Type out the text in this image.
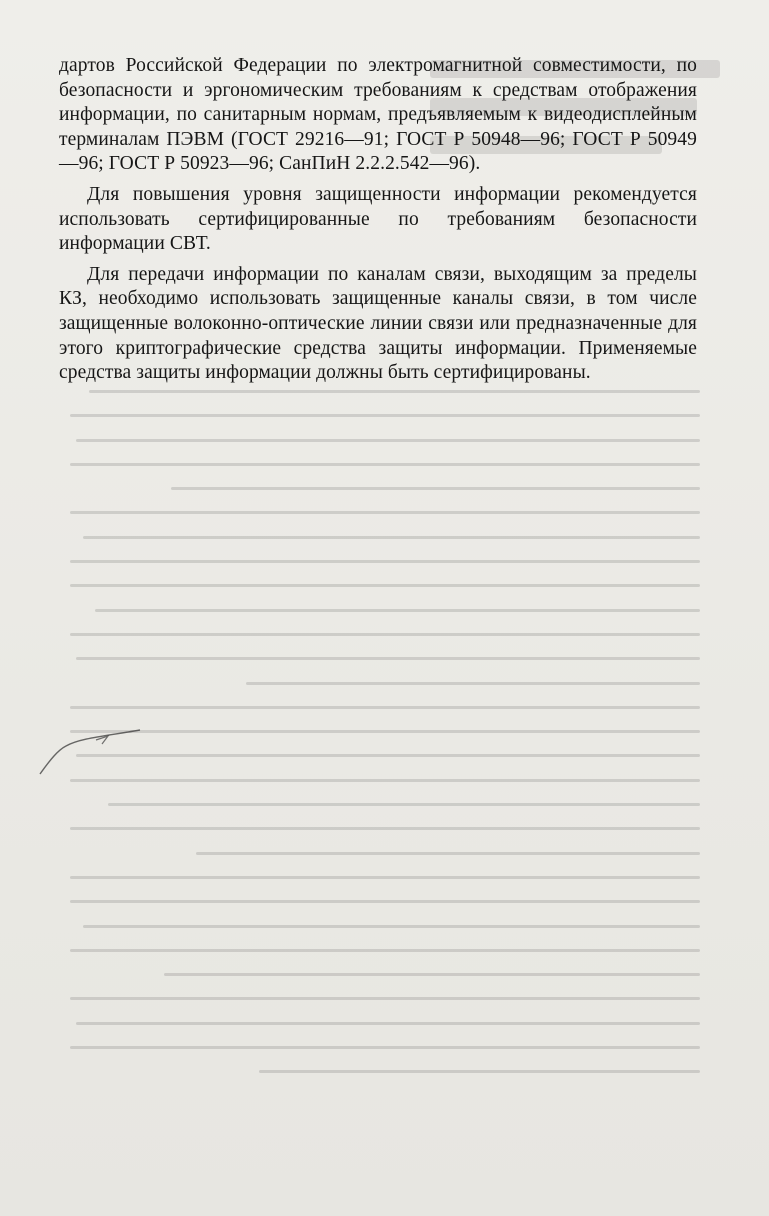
дартов Российской Федерации по электромагнитной совместимости, по безопасности и эргономическим требованиям к средствам отображения информации, по санитарным нормам, предъявляемым к видеодисплейным терминалам ПЭВМ (ГОСТ 29216—91; ГОСТ Р 50948—96; ГОСТ Р 50949—96; ГОСТ Р 50923—96; СанПиН 2.2.2.542—96).

Для повышения уровня защищенности информации рекомендуется использовать сертифицированные по требованиям безопасности информации СВТ.

Для передачи информации по каналам связи, выходящим за пределы КЗ, необходимо использовать защищенные каналы связи, в том числе защищенные волоконно-оптические линии связи или предназначенные для этого криптографические средства защиты информации. Применяемые средства защиты информации должны быть сертифицированы.
